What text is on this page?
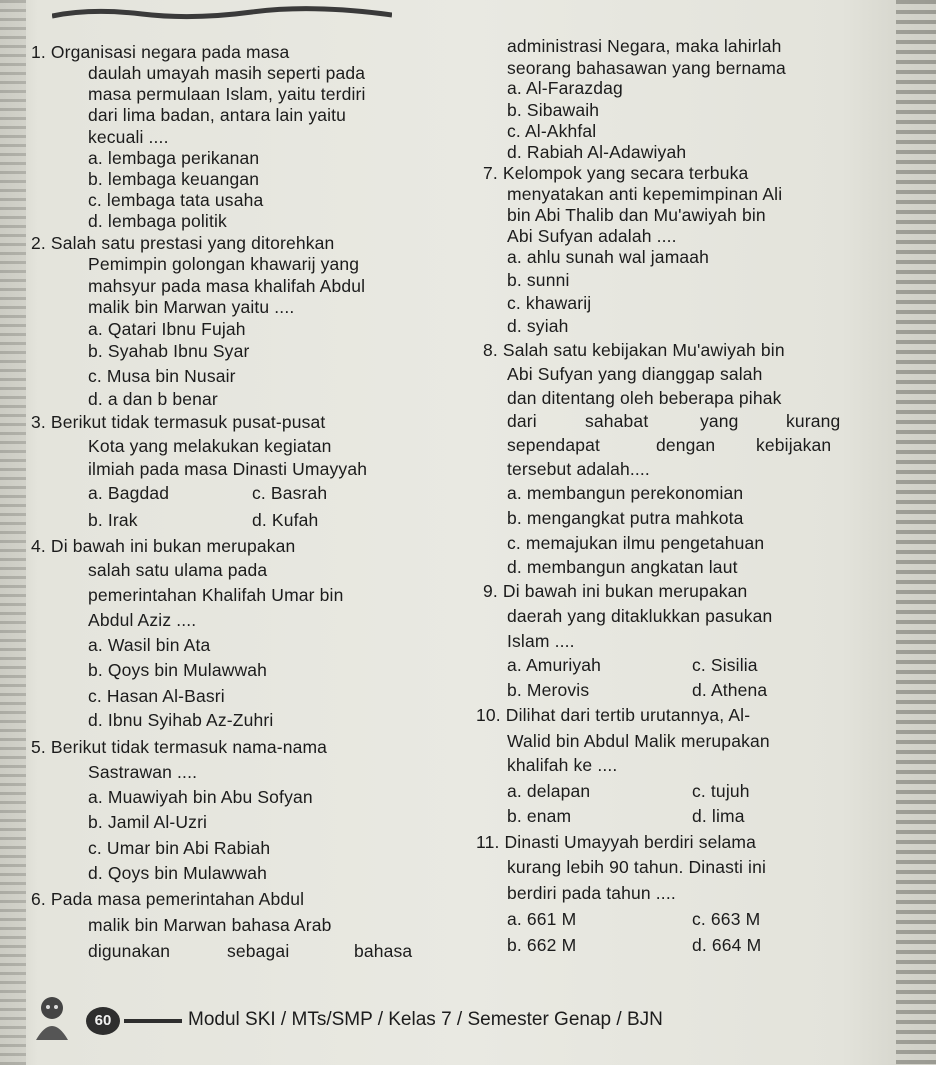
1. Organisasi negara pada masa
daulah umayah masih seperti pada
masa permulaan Islam, yaitu terdiri
dari lima badan, antara lain yaitu
kecuali ....
a. lembaga perikanan
b. lembaga keuangan
c. lembaga tata usaha
d. lembaga politik
2. Salah satu prestasi yang ditorehkan
Pemimpin golongan khawarij yang
mahsyur pada masa khalifah Abdul
malik bin Marwan yaitu ....
a. Qatari Ibnu Fujah
b. Syahab Ibnu Syar
c. Musa bin Nusair
d. a dan b benar
3. Berikut tidak termasuk pusat-pusat
Kota yang melakukan kegiatan
ilmiah pada masa Dinasti Umayyah
a. Bagdad	c. Basrah
b. Irak	d. Kufah
4. Di bawah ini bukan merupakan
salah satu ulama pada
pemerintahan Khalifah Umar bin
Abdul Aziz ....
a. Wasil bin Ata
b. Qoys bin Mulawwah
c. Hasan Al-Basri
d. Ibnu Syihab Az-Zuhri
5. Berikut tidak termasuk nama-nama
Sastrawan ....
a. Muawiyah bin Abu Sofyan
b. Jamil Al-Uzri
c. Umar bin Abi Rabiah
d. Qoys bin Mulawwah
6. Pada masa pemerintahan Abdul
malik bin Marwan bahasa Arab
digunakan	sebagai	bahasa
administrasi Negara, maka lahirlah
seorang bahasawan yang bernama
a. Al-Farazdag
b. Sibawaih
c. Al-Akhfal
d. Rabiah Al-Adawiyah
7. Kelompok yang secara terbuka
menyatakan anti kepemimpinan Ali
bin Abi Thalib dan Mu'awiyah bin
Abi Sufyan adalah ....
a. ahlu sunah wal jamaah
b. sunni
c. khawarij
d. syiah
8. Salah satu kebijakan Mu'awiyah bin
Abi Sufyan yang dianggap salah
dan ditentang oleh beberapa pihak
dari	sahabat	yang	kurang
sependapat	dengan kebijakan
tersebut adalah....
a. membangun perekonomian
b. mengangkat putra mahkota
c. memajukan ilmu pengetahuan
d. membangun angkatan laut
9. Di bawah ini bukan merupakan
daerah yang ditaklukkan pasukan
Islam ....
a. Amuriyah	c. Sisilia
b. Merovis	d. Athena
10. Dilihat dari tertib urutannya, Al-
Walid bin Abdul Malik merupakan
khalifah ke ....
a. delapan	c. tujuh
b. enam	d. lima
11. Dinasti Umayyah berdiri selama
kurang lebih 90 tahun. Dinasti ini
berdiri pada tahun ....
a. 661 M	c. 663 M
b. 662 M	d. 664 M
60	Modul SKI / MTs/SMP / Kelas 7 / Semester Genap / BJN
